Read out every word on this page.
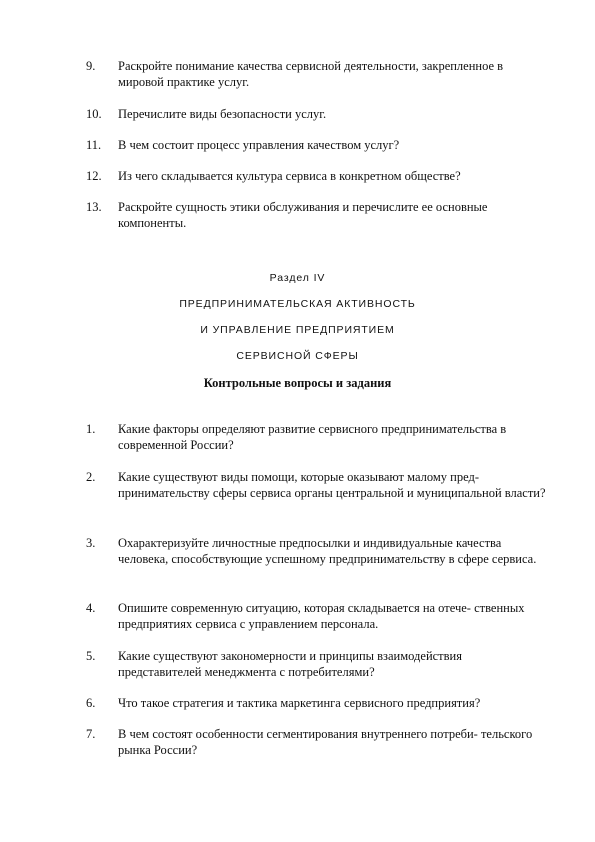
9.	Раскройте понимание качества сервисной деятельности, закрепленное в мировой практике услуг.
10.	Перечислите виды безопасности услуг.
11.	В чем состоит процесс управления качеством услуг?
12.	Из чего складывается культура сервиса в конкретном обществе?
13.	Раскройте сущность этики обслуживания и перечислите ее основные компоненты.
Раздел IV
ПРЕДПРИНИМАТЕЛЬСКАЯ АКТИВНОСТЬ
И УПРАВЛЕНИЕ ПРЕДПРИЯТИЕМ
СЕРВИСНОЙ СФЕРЫ
Контрольные вопросы и задания
1.	Какие факторы определяют развитие сервисного предпринимательства в современной России?
2.	Какие существуют виды помощи, которые оказывают малому пред- принимательству сферы сервиса органы центральной и муниципальной власти?
3.	Охарактеризуйте личностные предпосылки и индивидуальные качества человека, способствующие успешному предпринимательству в сфере сервиса.
4.	Опишите современную ситуацию, которая складывается на отече- ственных предприятиях сервиса с управлением персонала.
5.	Какие существуют закономерности и принципы взаимодействия представителей менеджмента с потребителями?
6.	Что такое стратегия и тактика маркетинга сервисного предприятия?
7.	В чем состоят особенности сегментирования внутреннего потреби- тельского рынка России?
